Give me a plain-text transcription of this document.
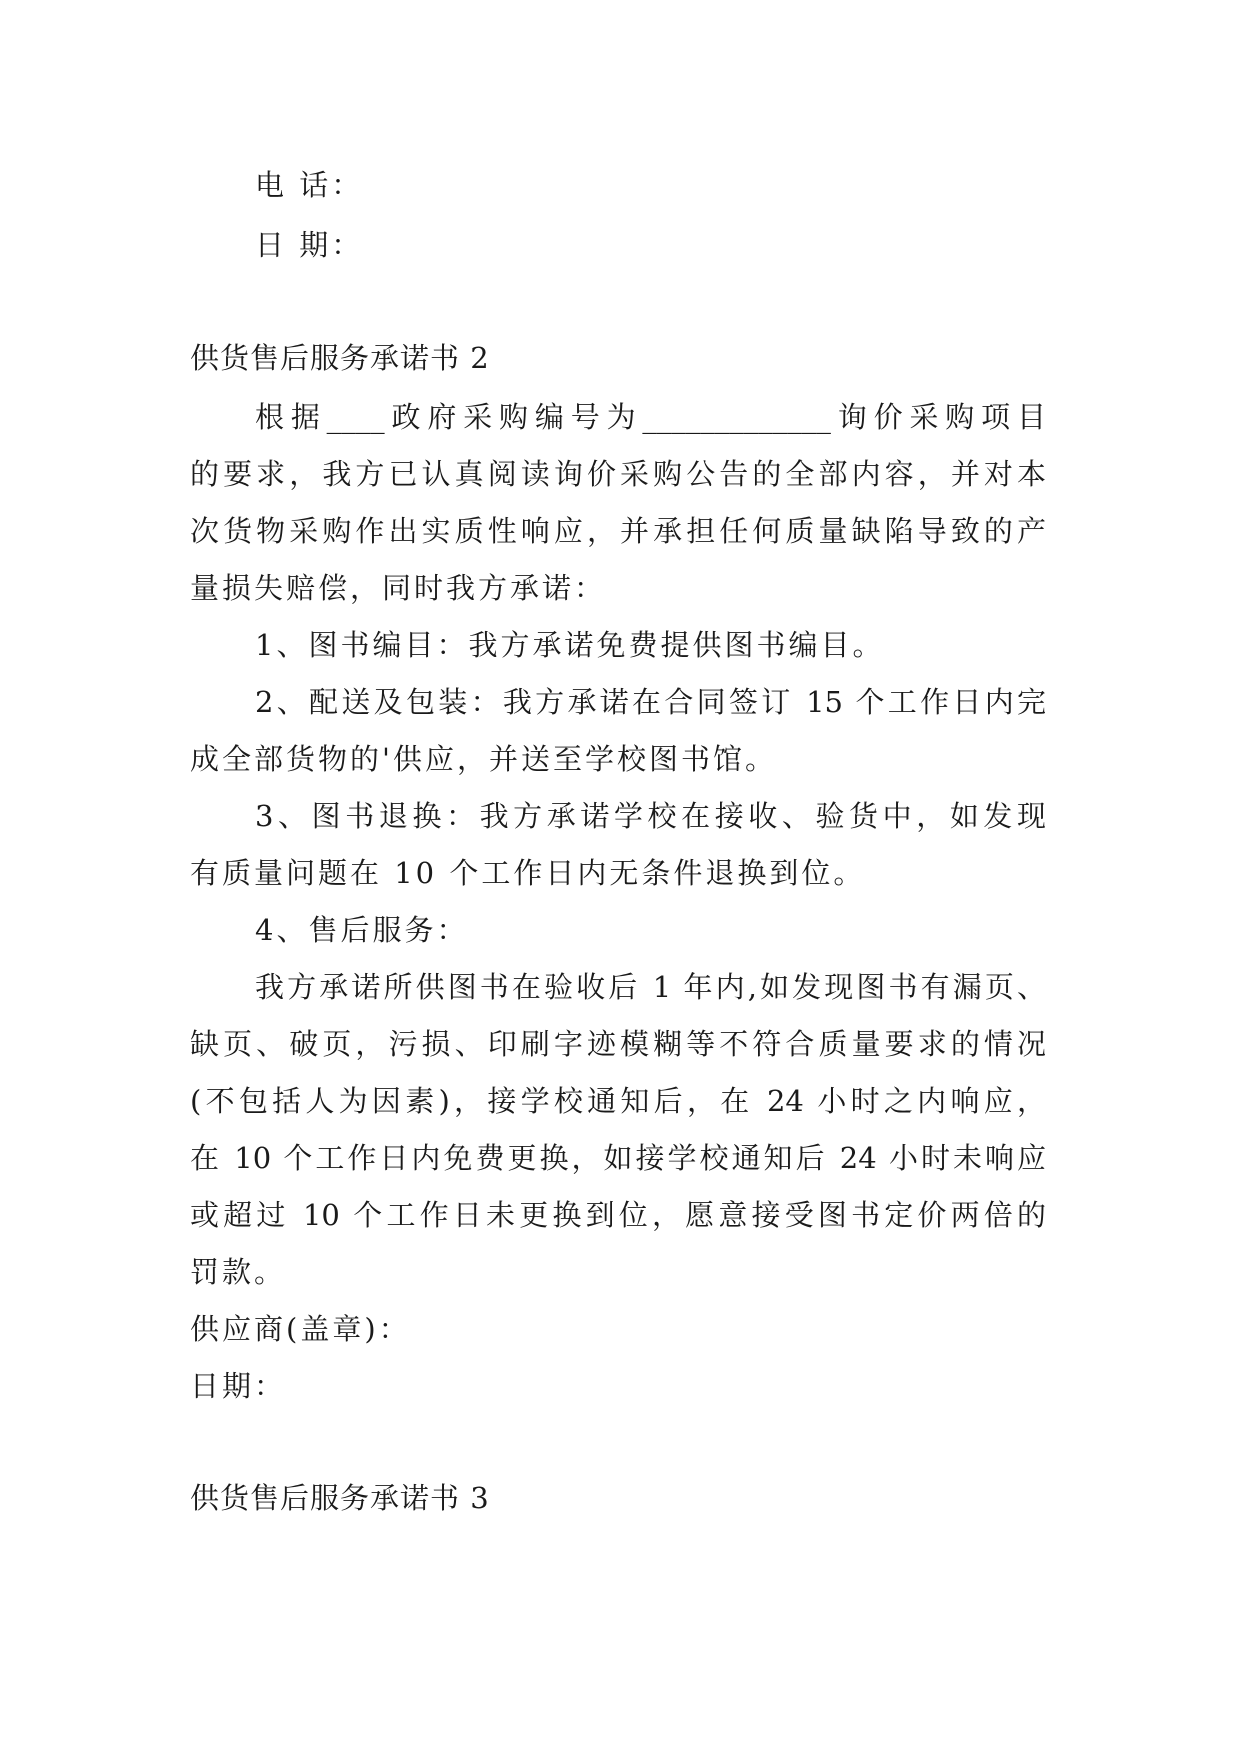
电 话：
日 期：
供货售后服务承诺书 2
根据____政府采购编号为_____________询价采购项目
的要求，我方已认真阅读询价采购公告的全部内容，并对本
次货物采购作出实质性响应，并承担任何质量缺陷导致的产
量损失赔偿，同时我方承诺：
1、图书编目：我方承诺免费提供图书编目。
2、配送及包装：我方承诺在合同签订 15 个工作日内完
成全部货物的'供应，并送至学校图书馆。
3、图书退换：我方承诺学校在接收、验货中，如发现
有质量问题在 10 个工作日内无条件退换到位。
4、售后服务：
我方承诺所供图书在验收后 1 年内,如发现图书有漏页、
缺页、破页，污损、印刷字迹模糊等不符合质量要求的情况
(不包括人为因素)，接学校通知后，在 24 小时之内响应，
在 10 个工作日内免费更换，如接学校通知后 24 小时未响应
或超过 10 个工作日未更换到位，愿意接受图书定价两倍的
罚款。
供应商(盖章)：
日期：
供货售后服务承诺书 3
